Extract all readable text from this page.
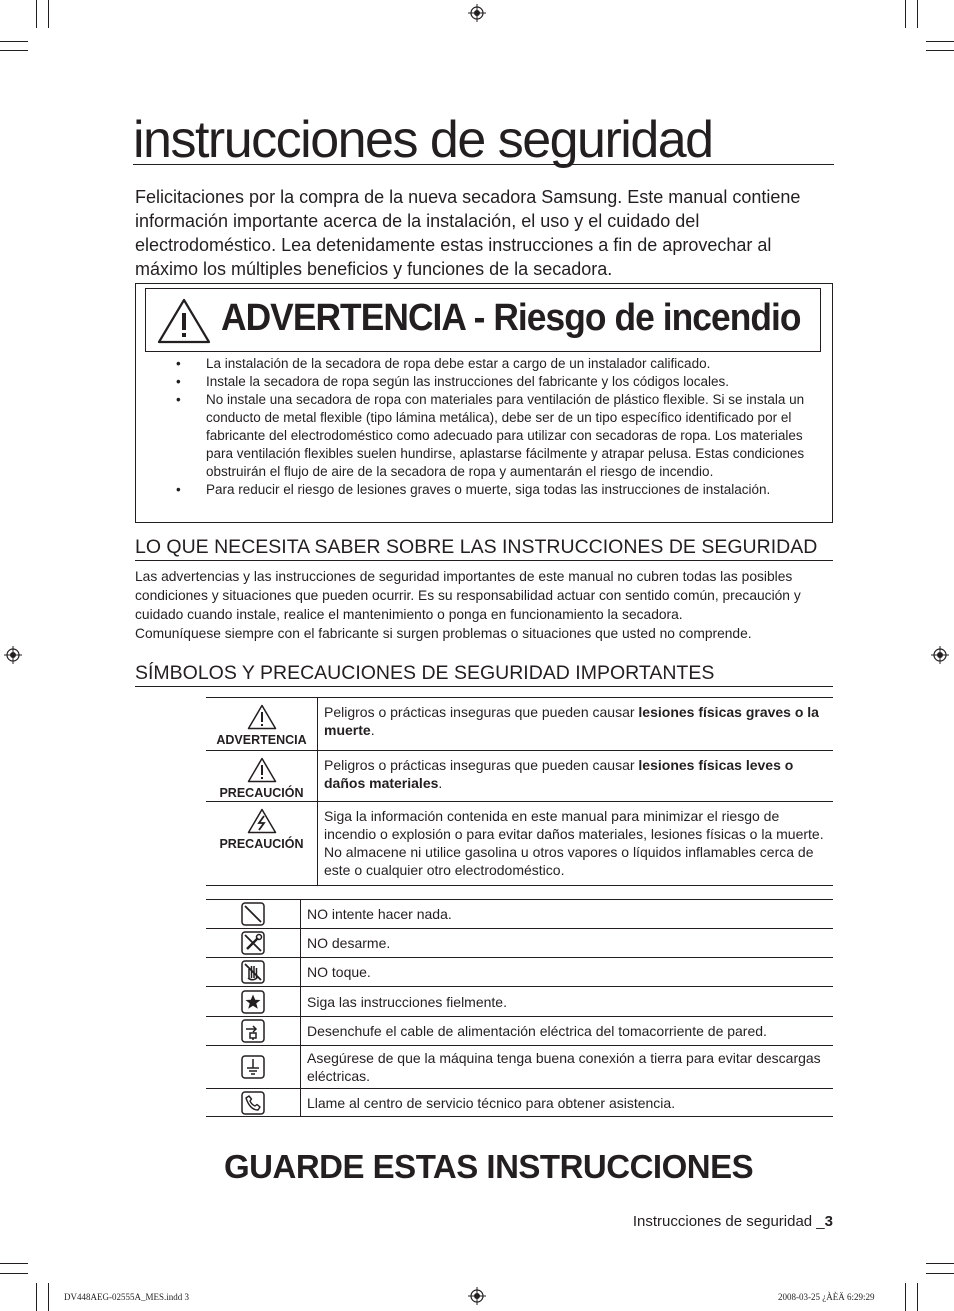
instrucciones de seguridad
Felicitaciones por la compra de la nueva secadora Samsung. Este manual contiene información importante acerca de la instalación, el uso y el cuidado del electrodoméstico. Lea detenidamente estas instrucciones a fin de aprovechar al máximo los múltiples beneficios y funciones de la secadora.
ADVERTENCIA - Riesgo de incendio
• La instalación de la secadora de ropa debe estar a cargo de un instalador calificado.
• Instale la secadora de ropa según las instrucciones del fabricante y los códigos locales.
• No instale una secadora de ropa con materiales para ventilación de plástico flexible. Si se instala un conducto de metal flexible (tipo lámina metálica), debe ser de un tipo específico identificado por el fabricante del electrodoméstico como adecuado para utilizar con secadoras de ropa. Los materiales para ventilación flexibles suelen hundirse, aplastarse fácilmente y atrapar pelusa. Estas condiciones obstruirán el flujo de aire de la secadora de ropa y aumentarán el riesgo de incendio.
• Para reducir el riesgo de lesiones graves o muerte, siga todas las instrucciones de instalación.
LO QUE NECESITA SABER SOBRE LAS INSTRUCCIONES DE SEGURIDAD
Las advertencias y las instrucciones de seguridad importantes de este manual no cubren todas las posibles condiciones y situaciones que pueden ocurrir. Es su responsabilidad actuar con sentido común, precaución y cuidado cuando instale, realice el mantenimiento o ponga en funcionamiento la secadora.
Comuníquese siempre con el fabricante si surgen problemas o situaciones que usted no comprende.
SÍMBOLOS Y PRECAUCIONES DE SEGURIDAD IMPORTANTES
ADVERTENCIA	Peligros o prácticas inseguras que pueden causar lesiones físicas graves o la muerte.

PRECAUCIÓN	Peligros o prácticas inseguras que pueden causar lesiones físicas leves o daños materiales.

PRECAUCIÓN	Siga la información contenida en este manual para minimizar el riesgo de incendio o explosión o para evitar daños materiales, lesiones físicas o la muerte. No almacene ni utilice gasolina u otros vapores o líquidos inflamables cerca de este o cualquier otro electrodoméstico.
	NO intente hacer nada.
	NO desarme.
	NO toque.
	Siga las instrucciones fielmente.
	Desenchufe el cable de alimentación eléctrica del tomacorriente de pared.
	Asegúrese de que la máquina tenga buena conexión a tierra para evitar descargas eléctricas.
	Llame al centro de servicio técnico para obtener asistencia.
GUARDE ESTAS INSTRUCCIONES
Instrucciones de seguridad _3
DV448AEG-02555A_MES.indd 3	2008-03-25 ¿ÀÈÄ 6:29:29
